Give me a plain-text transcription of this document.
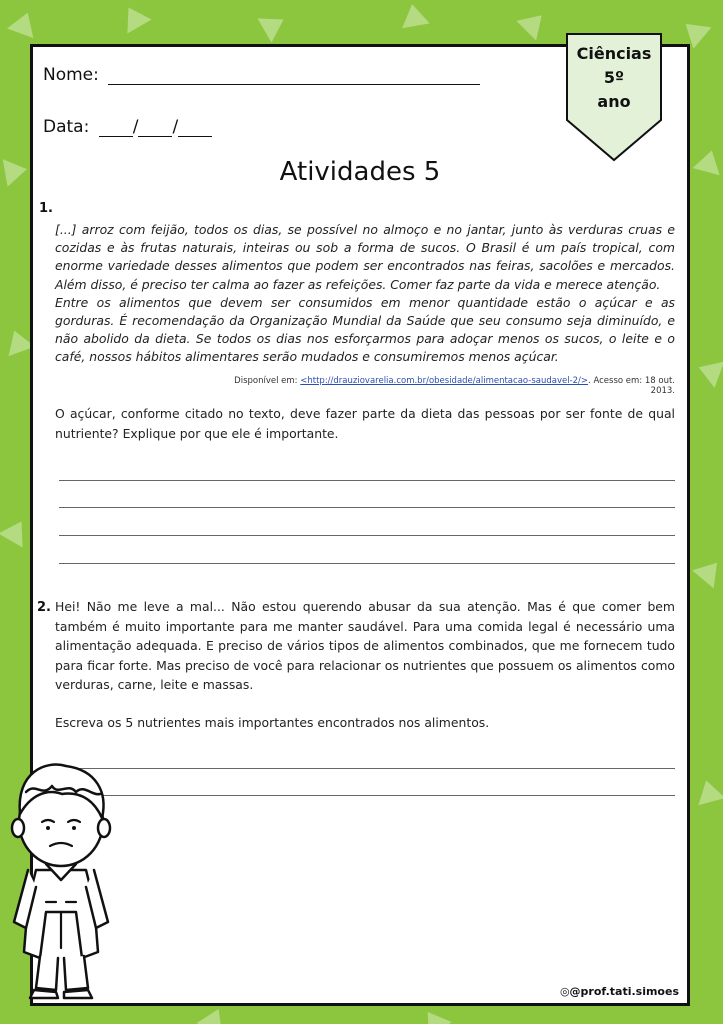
Nome:
Data:	/ /
Ciências
5º
ano
Atividades 5
1.

[...] arroz com feijão, todos os dias, se possível no almoço e no jantar, junto às verduras cruas e cozidas e às frutas naturais, inteiras ou sob a forma de sucos. O Brasil é um país tropical, com enorme variedade desses alimentos que podem ser encontrados nas feiras, sacolões e mercados. Além disso, é preciso ter calma ao fazer as refeições. Comer faz parte da vida e merece atenção.

Entre os alimentos que devem ser consumidos em menor quantidade estão o açúcar e as gorduras. É recomendação da Organização Mundial da Saúde que seu consumo seja diminuído, e não abolido da dieta. Se todos os dias nos esforçarmos para adoçar menos os sucos, o leite e o café, nossos hábitos alimentares serão mudados e consumiremos menos açúcar.

Disponível em: <http://drauziovarelia.com.br/obesidade/alimentacao-saudavel-2/>. Acesso em: 18 out. 2013.
O açúcar, conforme citado no texto, deve fazer parte da dieta das pessoas por ser fonte de qual nutriente? Explique por que ele é importante.
2. Hei! Não me leve a mal... Não estou querendo abusar da sua atenção. Mas é que comer bem também é muito importante para me manter saudável. Para uma comida legal é necessário uma alimentação adequada. E preciso de vários tipos de alimentos combinados, que me fornecem tudo para ficar forte. Mas preciso de você para relacionar os nutrientes que possuem os alimentos como verduras, carne, leite e massas.
Escreva os 5 nutrientes mais importantes encontrados nos alimentos.
◎@prof.tati.simoes
